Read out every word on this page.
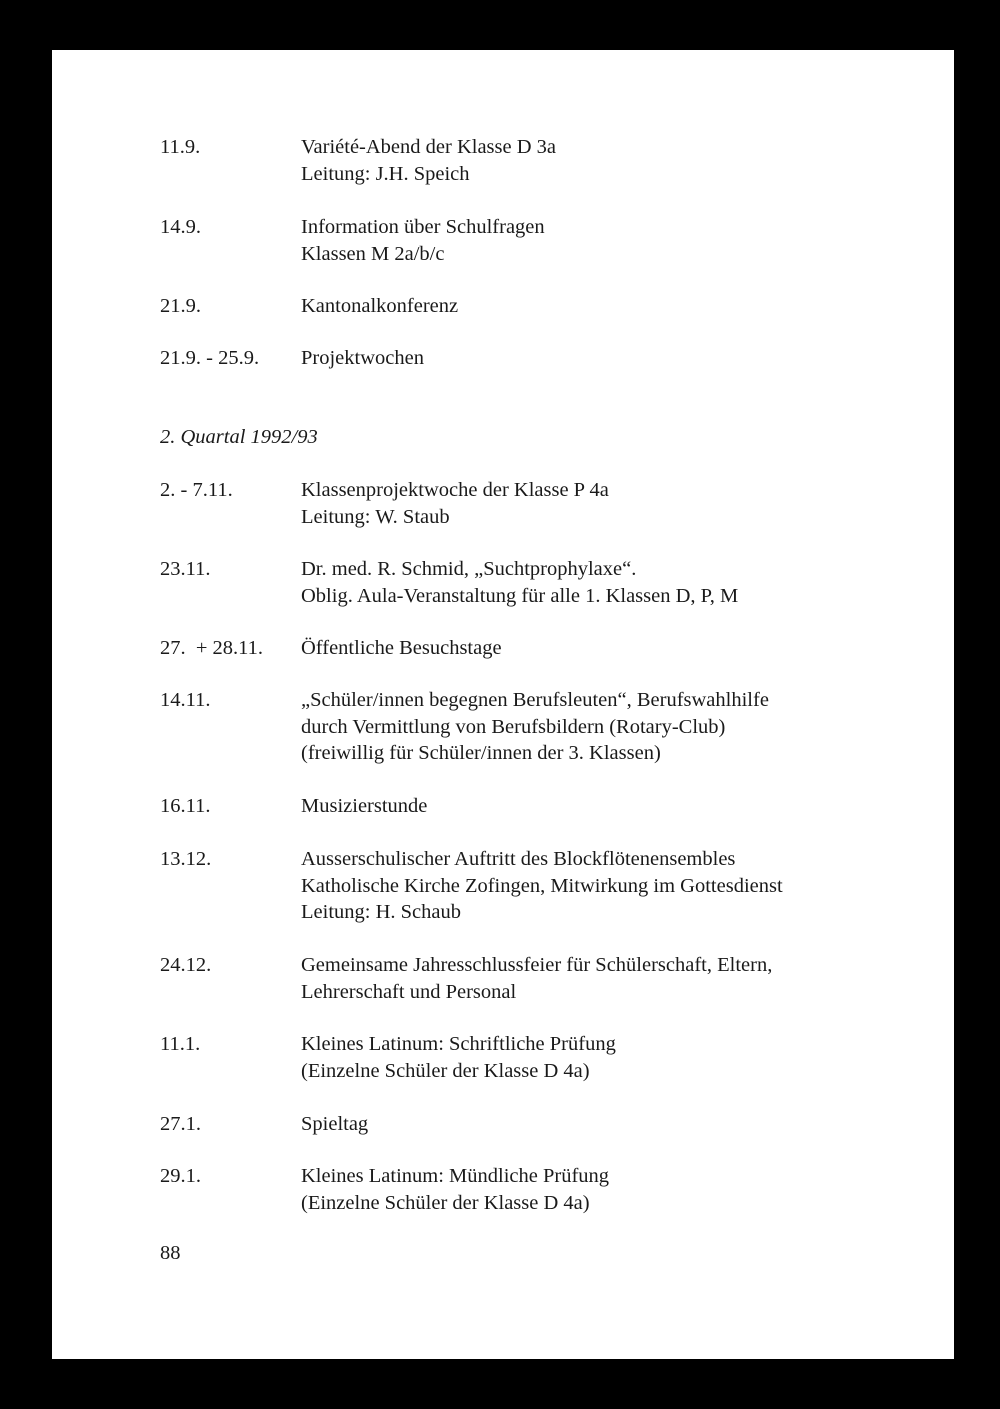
11.9.	Variété-Abend der Klasse D 3a
Leitung: J.H. Speich
14.9.	Information über Schulfragen
Klassen M 2a/b/c
21.9.	Kantonalkonferenz
21.9. - 25.9. Projektwochen
2. Quartal 1992/93
2. - 7.11.	Klassenprojektwoche der Klasse P 4a
Leitung: W. Staub
23.11.	Dr. med. R. Schmid, „Suchtprophylaxe“.
Oblig. Aula-Veranstaltung für alle 1. Klassen D, P, M
27.  + 28.11. Öffentliche Besuchstage
14.11.	„Schüler/innen begegnen Berufsleuten“, Berufswahlhilfe
durch Vermittlung von Berufsbildern (Rotary-Club)
(freiwillig für Schüler/innen der 3. Klassen)
16.11.	Musizierstunde
13.12.	Ausserschulischer Auftritt des Blockflötenensembles
Katholische Kirche Zofingen, Mitwirkung im Gottesdienst
Leitung: H. Schaub
24.12.	Gemeinsame Jahresschlussfeier für Schülerschaft, Eltern,
Lehrerschaft und Personal
11.1.	Kleines Latinum: Schriftliche Prüfung
(Einzelne Schüler der Klasse D 4a)
27.1.	Spieltag
29.1.	Kleines Latinum: Mündliche Prüfung
(Einzelne Schüler der Klasse D 4a)
88
